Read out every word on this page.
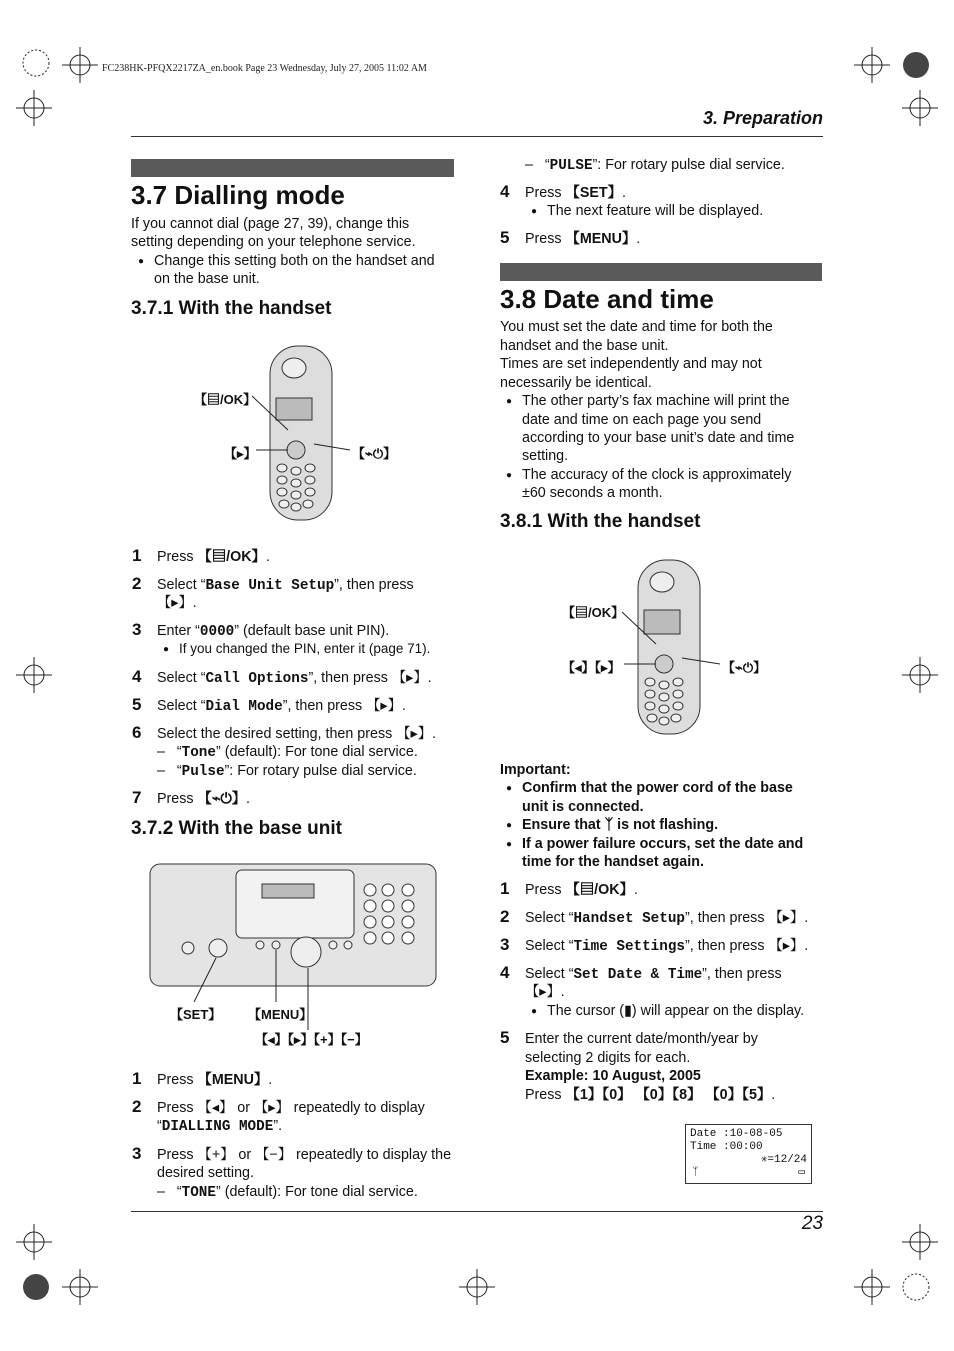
FC238HK-PFQX2217ZA_en.book Page 23 Wednesday, July 27, 2005 11:02 AM
3. Preparation
3.7 Dialling mode
If you cannot dial (page 27, 39), change this
setting depending on your telephone service.
● Change this setting both on the handset and
on the base unit.
3.7.1 With the handset
【▤/OK】
【▸】	【⌁⏻】
1 Press 【▤/OK】.
2 Select “Base Unit Setup”, then press
【▸】.
3 Enter “0000” (default base unit PIN).
● If you changed the PIN, enter it (page 71).
4 Select “Call Options”, then press 【▸】.
5 Select “Dial Mode”, then press 【▸】.
6 Select the desired setting, then press 【▸】.
–   “Tone” (default): For tone dial service.
–   “Pulse”: For rotary pulse dial service.
7 Press 【⌁⏻】.
3.7.2 With the base unit
【SET】 【MENU】
【◂】【▸】【+】【−】
1 Press 【MENU】.
2 Press 【◂】 or 【▸】 repeatedly to display
“DIALLING MODE”.
3 Press 【+】 or 【−】 repeatedly to display the
desired setting.
–   “TONE” (default): For tone dial service.
–   “PULSE”: For rotary pulse dial service.
4 Press 【SET】.
● The next feature will be displayed.
5 Press 【MENU】.
3.8 Date and time
You must set the date and time for both the
handset and the base unit.
Times are set independently and may not
necessarily be identical.
● The other party’s fax machine will print the
date and time on each page you send
according to your base unit’s date and time
setting.
● The accuracy of the clock is approximately
±60 seconds a month.
3.8.1 With the handset
【▤/OK】
【◂】【▸】	【⌁⏻】
Important:
● Confirm that the power cord of the base
unit is connected.
● Ensure that ᛉ is not flashing.
● If a power failure occurs, set the date and
time for the handset again.
1 Press 【▤/OK】.
2 Select “Handset Setup”, then press 【▸】.
3 Select “Time Settings”, then press 【▸】.
4 Select “Set Date & Time”, then press
【▸】.
● The cursor (▮) will appear on the display.
5 Enter the current date/month/year by
selecting 2 digits for each.
Example: 10 August, 2005
Press 【1】【0】 【0】【8】 【0】【5】.
Date :10-08-05
Time :00:00
✳=12/24
ᛉ	▭
23
